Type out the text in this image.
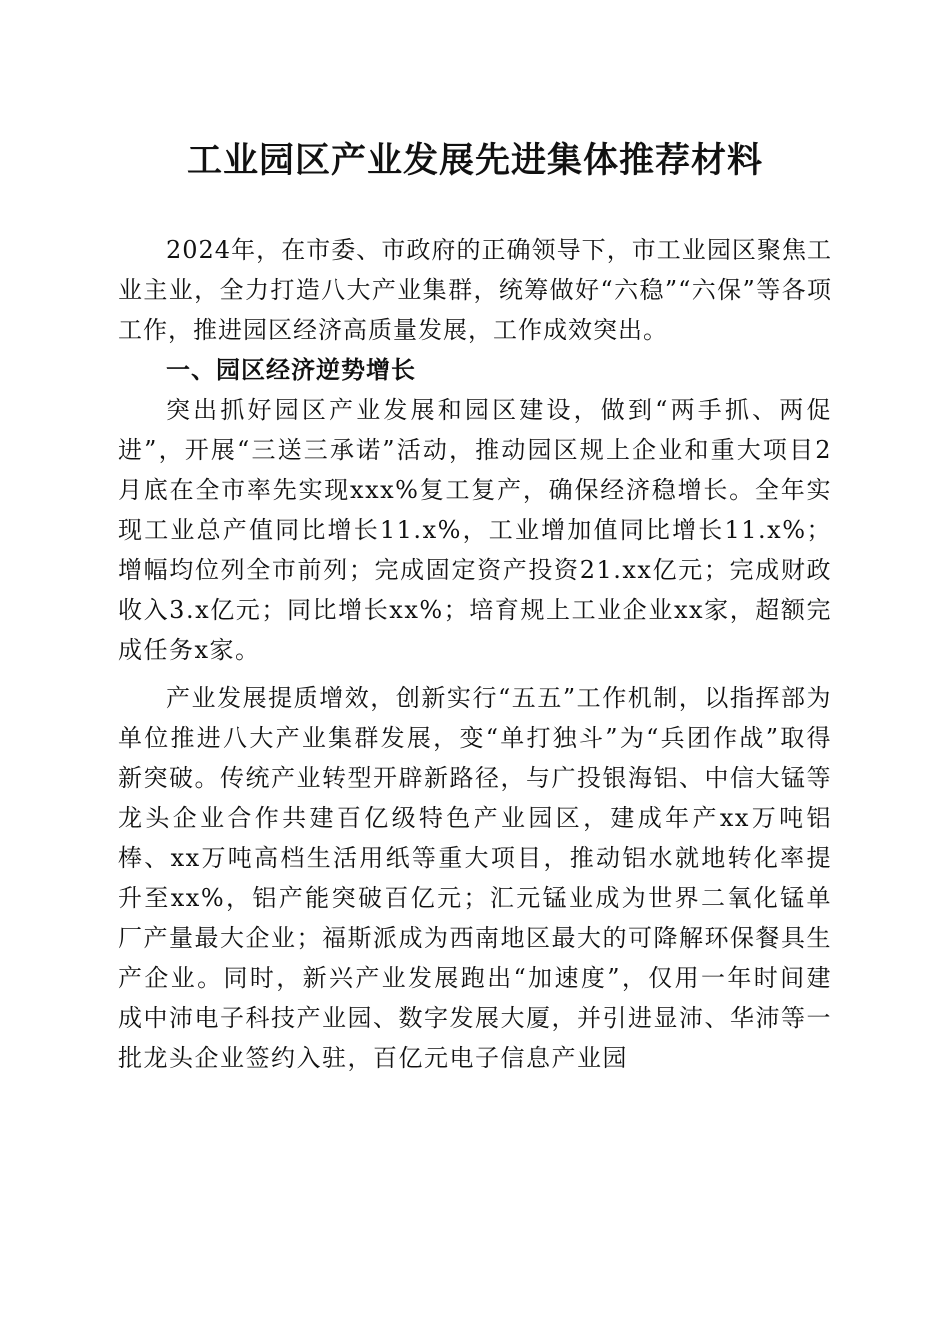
工业园区产业发展先进集体推荐材料

2024年，在市委、市政府的正确领导下，市工业园区聚焦工业主业，全力打造八大产业集群，统筹做好“六稳”“六保”等各项工作，推进园区经济高质量发展，工作成效突出。

一、园区经济逆势增长

突出抓好园区产业发展和园区建设，做到“两手抓、两促进”，开展“三送三承诺”活动，推动园区规上企业和重大项目2月底在全市率先实现xxx%复工复产，确保经济稳增长。全年实现工业总产值同比增长11.x%，工业增加值同比增长11.x%；增幅均位列全市前列；完成固定资产投资21.xx亿元；完成财政收入3.x亿元；同比增长xx%；培育规上工业企业xx家，超额完成任务x家。

产业发展提质增效，创新实行“五五”工作机制，以指挥部为单位推进八大产业集群发展，变“单打独斗”为“兵团作战”取得新突破。传统产业转型开辟新路径，与广投银海铝、中信大锰等龙头企业合作共建百亿级特色产业园区，建成年产xx万吨铝棒、xx万吨高档生活用纸等重大项目，推动铝水就地转化率提升至xx%，铝产能突破百亿元；汇元锰业成为世界二氧化锰单厂产量最大企业；福斯派成为西南地区最大的可降解环保餐具生产企业。同时，新兴产业发展跑出“加速度”，仅用一年时间建成中沛电子科技产业园、数字发展大厦，并引进显沛、华沛等一批龙头企业签约入驻，百亿元电子信息产业园
